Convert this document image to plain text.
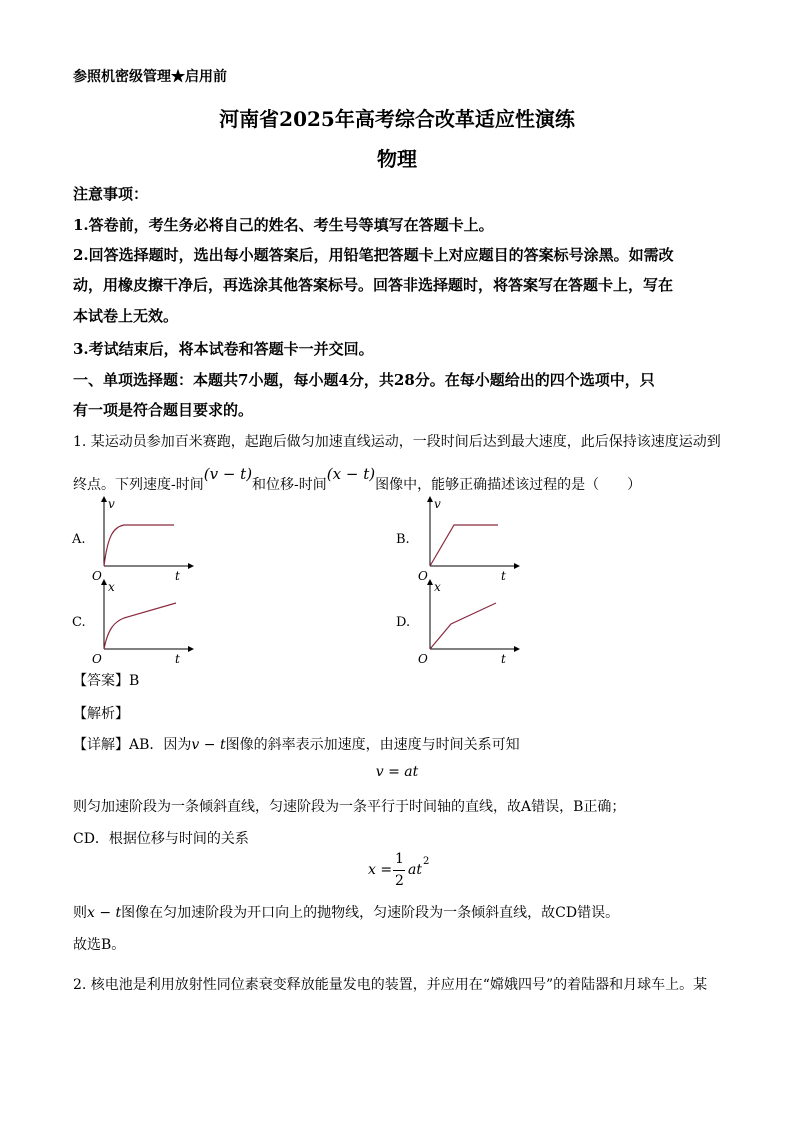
参照机密级管理★启用前
河南省2025年高考综合改革适应性演练
物理
注意事项：
1.答卷前，考生务必将自己的姓名、考生号等填写在答题卡上。
2.回答选择题时，选出每小题答案后，用铅笔把答题卡上对应题目的答案标号涂黑。如需改
动，用橡皮擦干净后，再选涂其他答案标号。回答非选择题时，将答案写在答题卡上，写在
本试卷上无效。
3.考试结束后，将本试卷和答题卡一并交回。
一、单项选择题：本题共7小题，每小题4分，共28分。在每小题给出的四个选项中，只
有一项是符合题目要求的。
1. 某运动员参加百米赛跑，起跑后做匀加速直线运动，一段时间后达到最大速度，此后保持该速度运动到
终点。下列速度-时间(v − t)和位移-时间(x − t)图像中，能够正确描述该过程的是（　　）
A.
v
t
O
B.
v
t
O
C.
x
t
O
D.
x
t
O
【答案】B
【解析】
【详解】AB．因为v − t图像的斜率表示加速度，由速度与时间关系可知
v = at
则匀加速阶段为一条倾斜直线，匀速阶段为一条平行于时间轴的直线，故A错误，B正确；
CD．根据位移与时间的关系
x =
1
2
at
2
则x − t图像在匀加速阶段为开口向上的抛物线，匀速阶段为一条倾斜直线，故CD错误。
故选B。
2. 核电池是利用放射性同位素衰变释放能量发电的装置，并应用在“嫦娥四号”的着陆器和月球车上。某
